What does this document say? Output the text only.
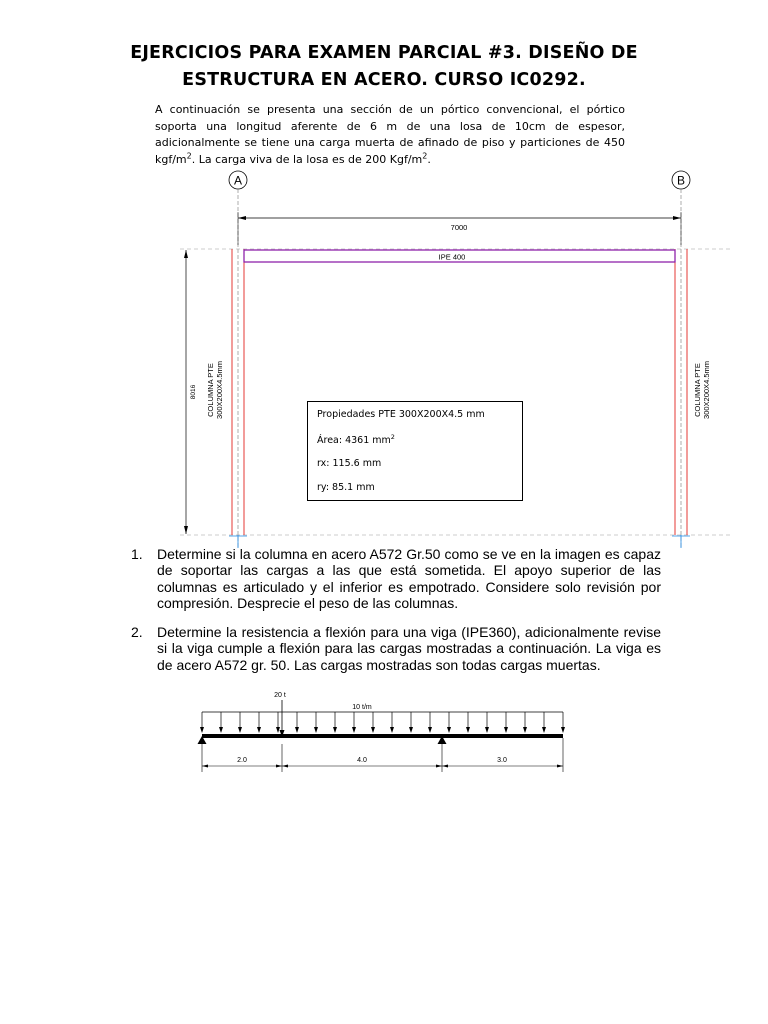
EJERCICIOS PARA EXAMEN PARCIAL #3. DISEÑO DE
ESTRUCTURA EN ACERO. CURSO IC0292.
A continuación se presenta una sección de un pórtico convencional, el pórtico soporta una longitud aferente de 6 m de una losa de 10cm de espesor, adicionalmente se tiene una carga muerta de afinado de piso y particiones de 450 kgf/$m^2$. La carga viva de la losa es de 200 Kgf/$m^2$.
A	B
7000
8016
IPE 400
COLUMNA PTE 300X200X4.5mm	COLUMNA PTE 300X200X4.5mm
Propiedades PTE 300X200X4.5 mm
Área: 4361 $mm^2$
rx: 115.6 mm
ry: 85.1 mm
1.	Determine si la columna en acero A572 Gr.50 como se ve en la imagen es capaz de soportar las cargas a las que está sometida. El apoyo superior de las columnas es articulado y el inferior es empotrado. Considere solo revisión por compresión. Desprecie el peso de las columnas.
2.	Determine la resistencia a flexión para una viga (IPE360), adicionalmente revise si la viga cumple a flexión para las cargas mostradas a continuación. La viga es de acero A572 gr. 50. Las cargas mostradas son todas cargas muertas.
20 t
10 t/m
2.0	4.0	3.0
